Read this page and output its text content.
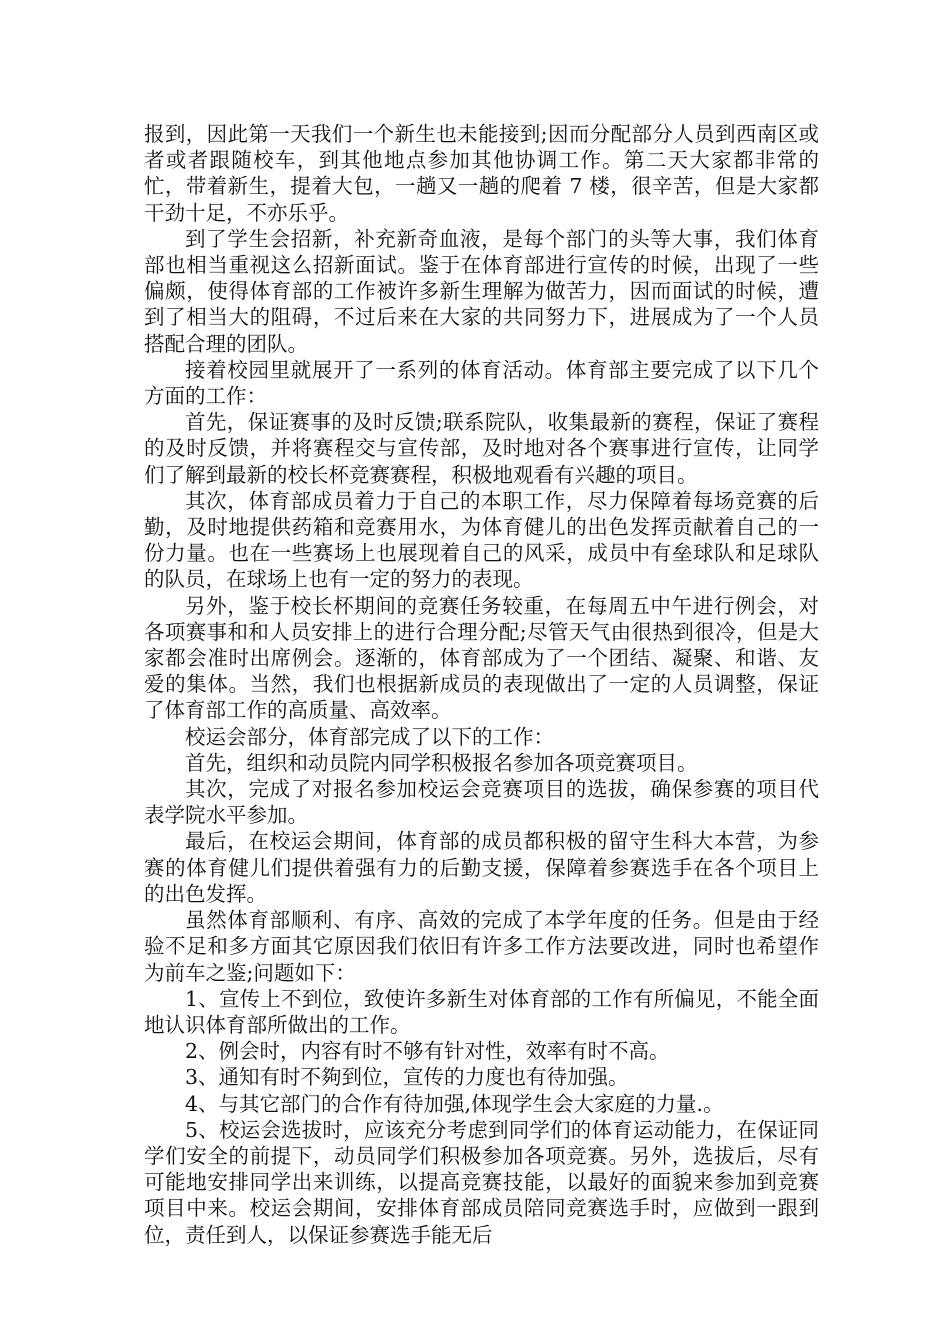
报到，因此第一天我们一个新生也未能接到;因而分配部分人员到西南区或者或者跟随校车，到其他地点参加其他协调工作。第二天大家都非常的忙，带着新生，提着大包，一趟又一趟的爬着 7 楼，很辛苦，但是大家都干劲十足，不亦乐乎。

到了学生会招新，补充新奇血液，是每个部门的头等大事，我们体育部也相当重视这么招新面试。鉴于在体育部进行宣传的时候，出现了一些偏颇，使得体育部的工作被许多新生理解为做苦力，因而面试的时候，遭到了相当大的阻碍，不过后来在大家的共同努力下，进展成为了一个人员搭配合理的团队。

接着校园里就展开了一系列的体育活动。体育部主要完成了以下几个方面的工作：

首先，保证赛事的及时反馈;联系院队，收集最新的赛程，保证了赛程的及时反馈，并将赛程交与宣传部，及时地对各个赛事进行宣传，让同学们了解到最新的校长杯竞赛赛程，积极地观看有兴趣的项目。

其次，体育部成员着力于自己的本职工作，尽力保障着每场竞赛的后勤，及时地提供药箱和竞赛用水，为体育健儿的出色发挥贡献着自己的一份力量。也在一些赛场上也展现着自己的风采，成员中有垒球队和足球队的队员，在球场上也有一定的努力的表现。

另外，鉴于校长杯期间的竞赛任务较重，在每周五中午进行例会，对各项赛事和和人员安排上的进行合理分配;尽管天气由很热到很冷，但是大家都会准时出席例会。逐渐的，体育部成为了一个团结、凝聚、和谐、友爱的集体。当然，我们也根据新成员的表现做出了一定的人员调整，保证了体育部工作的高质量、高效率。

校运会部分，体育部完成了以下的工作：

首先，组织和动员院内同学积极报名参加各项竞赛项目。

其次，完成了对报名参加校运会竞赛项目的选拔，确保参赛的项目代表学院水平参加。

最后，在校运会期间，体育部的成员都积极的留守生科大本营，为参赛的体育健儿们提供着强有力的后勤支援，保障着参赛选手在各个项目上的出色发挥。

虽然体育部顺利、有序、高效的完成了本学年度的任务。但是由于经验不足和多方面其它原因我们依旧有许多工作方法要改进，同时也希望作为前车之鉴;问题如下：

1、宣传上不到位，致使许多新生对体育部的工作有所偏见，不能全面地认识体育部所做出的工作。

2、例会时，内容有时不够有针对性，效率有时不高。

3、通知有时不夠到位，宣传的力度也有待加强。

4、与其它部门的合作有待加强,体现学生会大家庭的力量.。

5、校运会选拔时，应该充分考虑到同学们的体育运动能力，在保证同学们安全的前提下，动员同学们积极参加各项竞赛。另外，选拔后，尽有可能地安排同学出来训练，以提高竞赛技能，以最好的面貌来参加到竞赛项目中来。校运会期间，安排体育部成员陪同竞赛选手时，应做到一跟到位，责任到人，以保证参赛选手能无后
